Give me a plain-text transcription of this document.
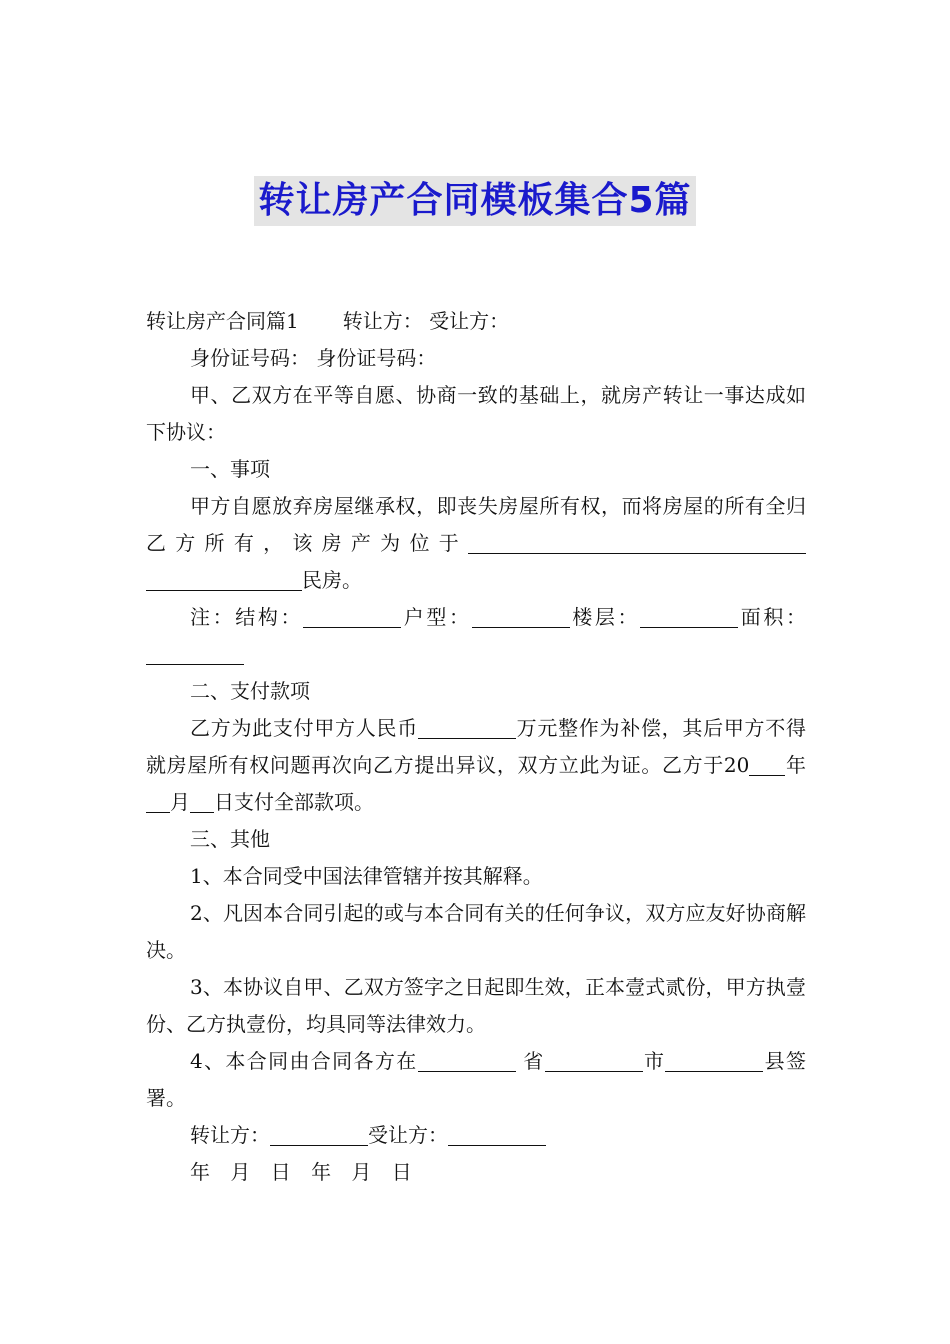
转让房产合同模板集合5篇

转让房产合同篇1 转让方： 受让方：

身份证号码： 身份证号码：

甲、乙双方在平等自愿、协商一致的基础上，就房产转让一事达成如下协议：

一、事项

甲方自愿放弃房屋继承权，即丧失房屋所有权，而将房屋的所有全归乙方所有，该房产为位于民房。

注：结构：	户型：	楼层：	面积：

二、支付款项

乙方为此支付甲方人民币	万元整作为补偿，其后甲方不得就房屋所有权问题再次向乙方提出异议，双方立此为证。乙方于20 年月 日支付全部款项。

三、其他

1、本合同受中国法律管辖并按其解释。

2、凡因本合同引起的或与本合同有关的任何争议，双方应友好协商解决。

3、本协议自甲、乙双方签字之日起即生效，正本壹式贰份，甲方执壹份、乙方执壹份，均具同等法律效力。

4、本合同由合同各方在	省	市	县签署。

转让方：	受让方：

年 月 日 年 月 日
